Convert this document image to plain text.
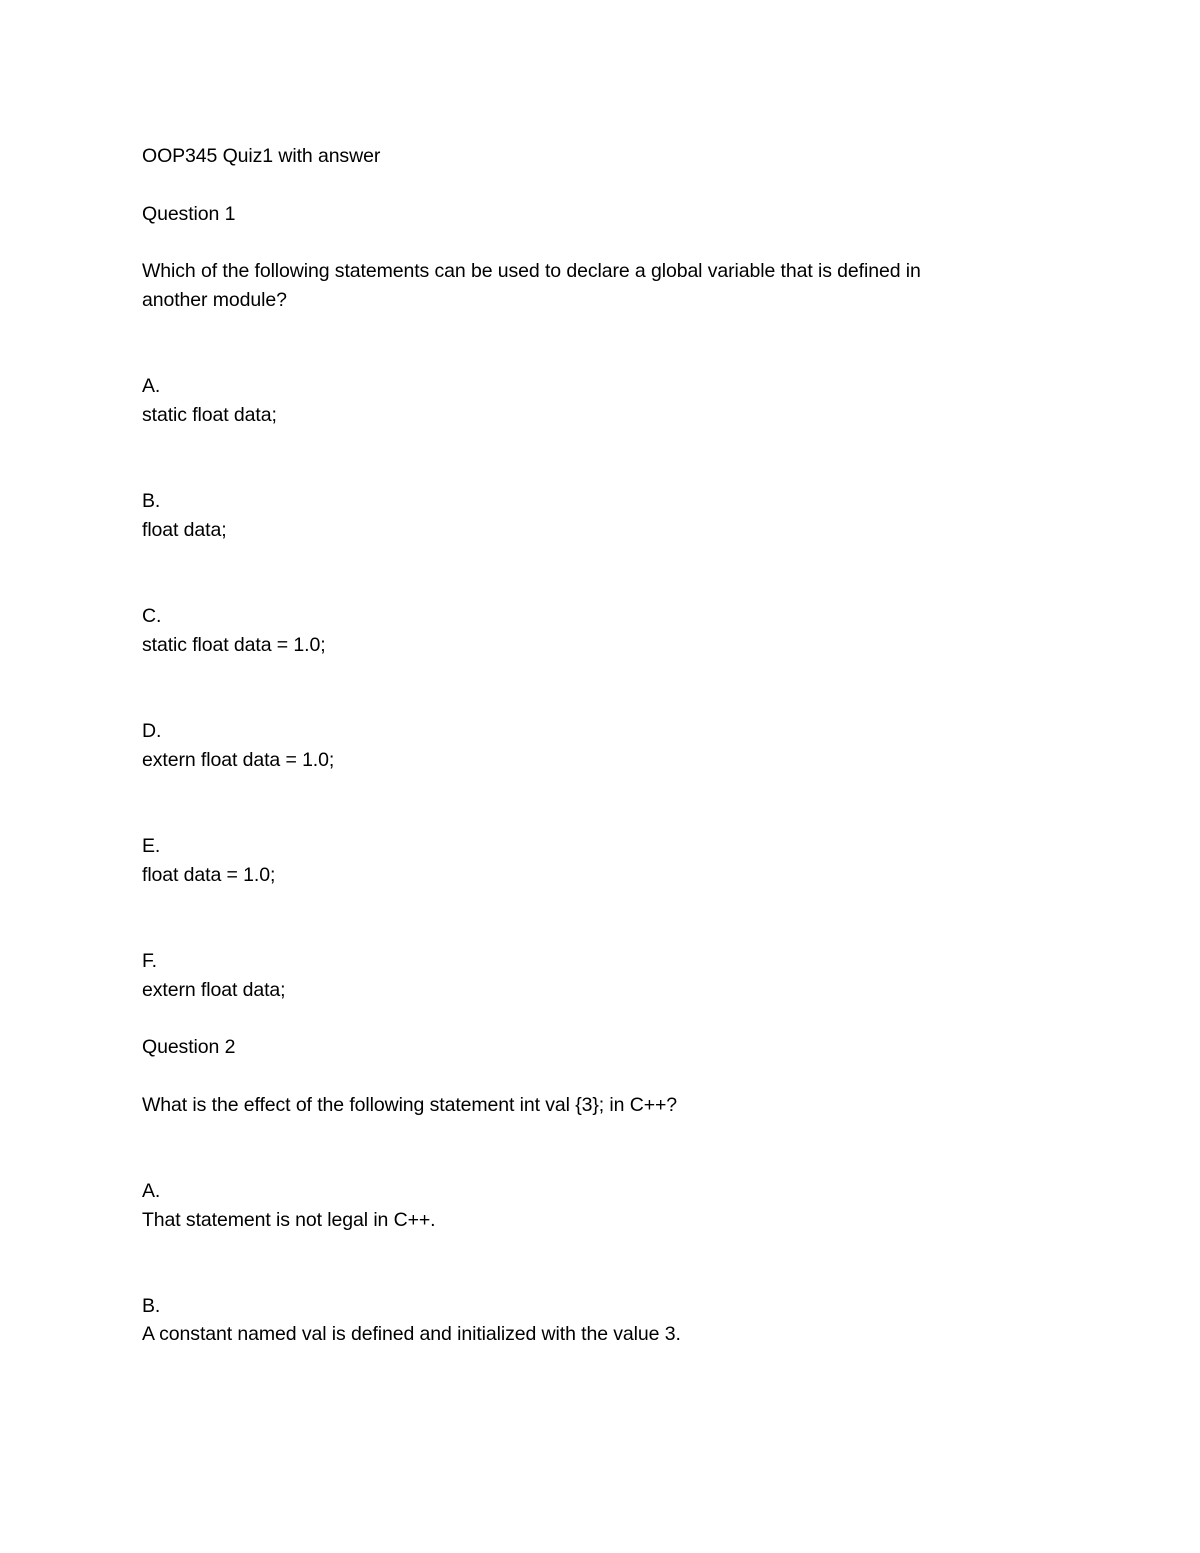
OOP345 Quiz1 with answer
Question 1
Which of the following statements can be used to declare a global variable that is defined in
another module?
A.
static float data;
B.
float data;
C.
static float data = 1.0;
D.
extern float data = 1.0;
E.
float data = 1.0;
F.
extern float data;
Question 2
What is the effect of the following statement int val {3}; in C++?
A.
That statement is not legal in C++.
B.
A constant named val is defined and initialized with the value 3.
